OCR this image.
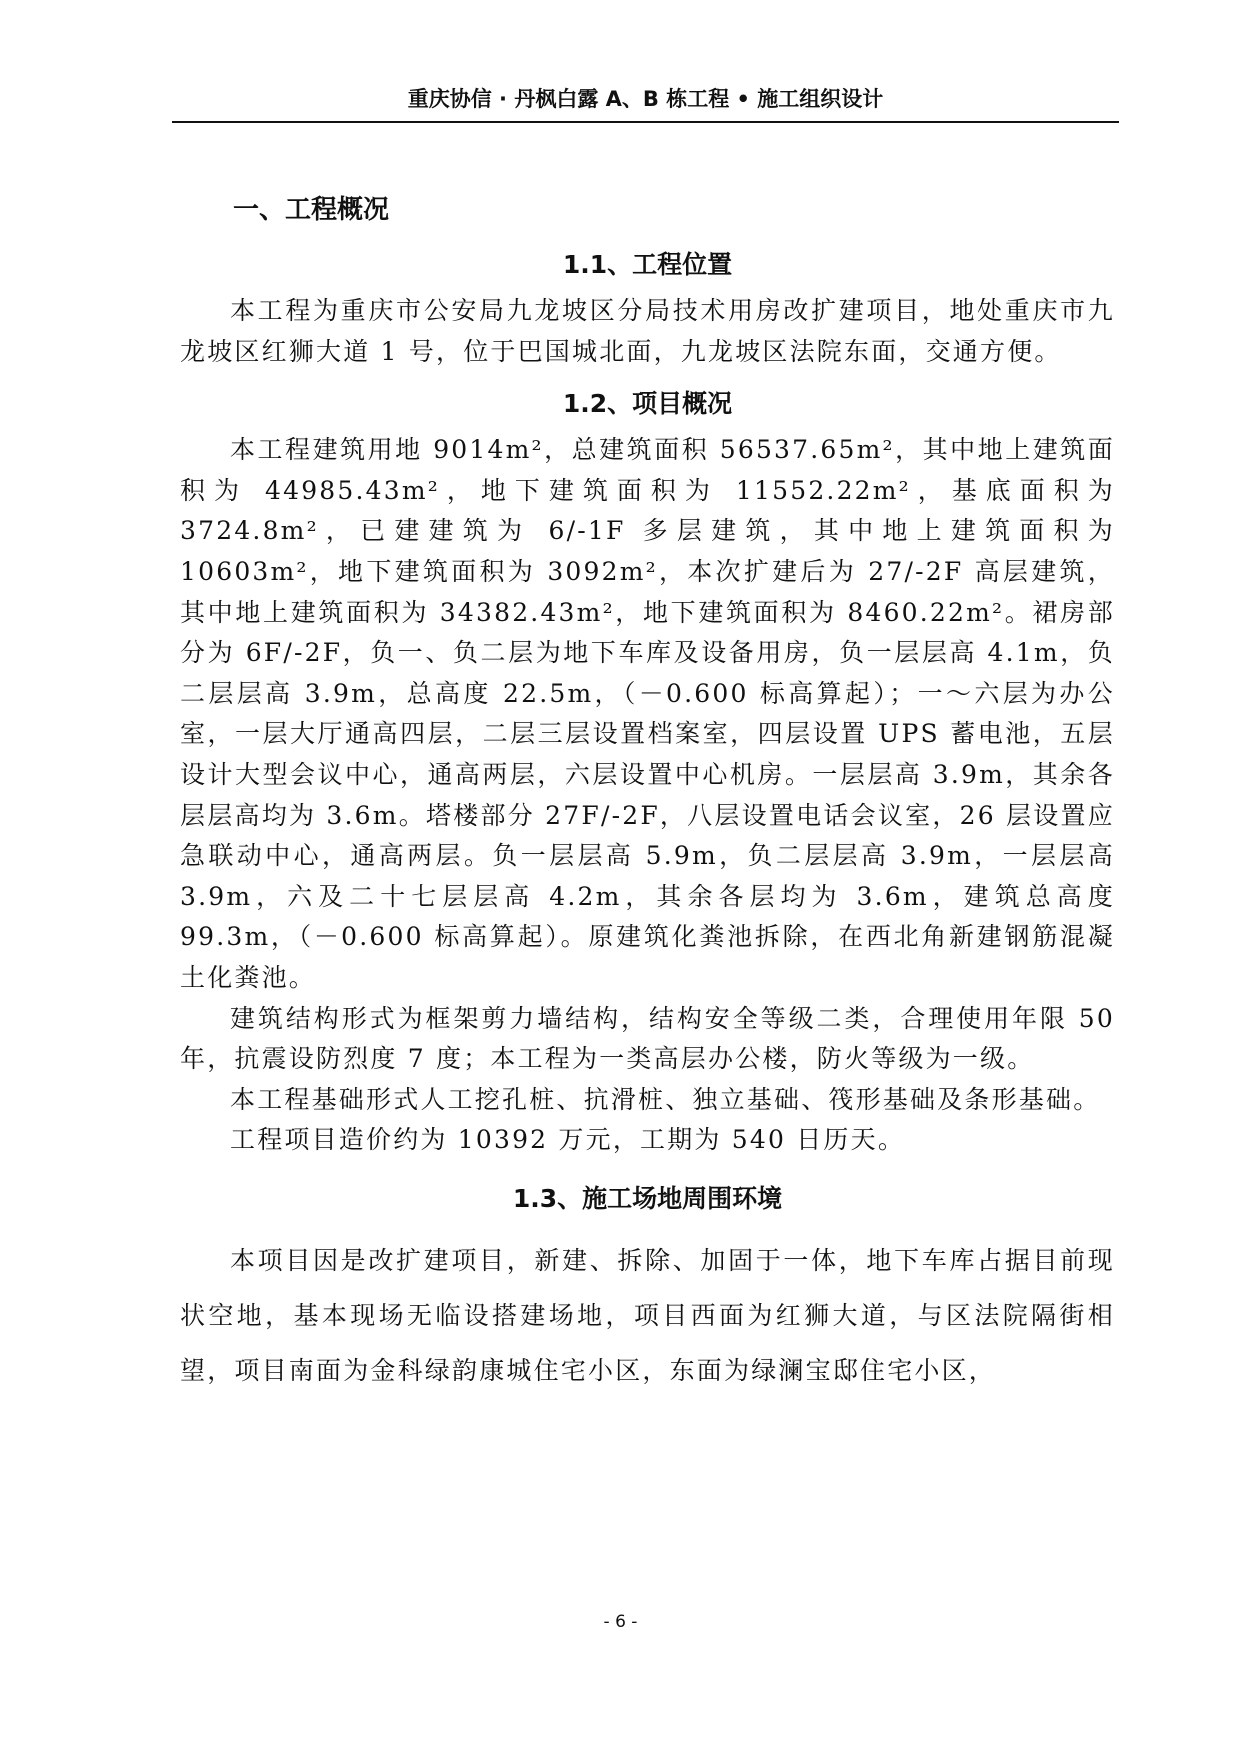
重庆协信 · 丹枫白露 A、B 栋工程 • 施工组织设计
一、工程概况
1.1、工程位置

本工程为重庆市公安局九龙坡区分局技术用房改扩建项目，地处重庆市九龙坡区红狮大道 1 号，位于巴国城北面，九龙坡区法院东面，交通方便。

1.2、项目概况

本工程建筑用地 9014m²，总建筑面积 56537.65m²，其中地上建筑面积为 44985.43m²，地下建筑面积为 11552.22m²，基底面积为 3724.8m²，已建建筑为 6/-1F 多层建筑，其中地上建筑面积为 10603m²，地下建筑面积为 3092m²，本次扩建后为 27/-2F 高层建筑，其中地上建筑面积为 34382.43m²，地下建筑面积为 8460.22m²。裙房部分为 6F/-2F，负一、负二层为地下车库及设备用房，负一层层高 4.1m，负二层层高 3.9m，总高度 22.5m，（－0.600 标高算起）；一～六层为办公室，一层大厅通高四层，二层三层设置档案室，四层设置 UPS 蓄电池，五层设计大型会议中心，通高两层，六层设置中心机房。一层层高 3.9m，其余各层层高均为 3.6m。塔楼部分 27F/-2F，八层设置电话会议室，26 层设置应急联动中心，通高两层。负一层层高 5.9m，负二层层高 3.9m，一层层高 3.9m，六及二十七层层高 4.2m，其余各层均为 3.6m，建筑总高度 99.3m，（－0.600 标高算起）。原建筑化粪池拆除，在西北角新建钢筋混凝土化粪池。

建筑结构形式为框架剪力墙结构，结构安全等级二类，合理使用年限 50 年，抗震设防烈度 7 度；本工程为一类高层办公楼，防火等级为一级。

本工程基础形式人工挖孔桩、抗滑桩、独立基础、筏形基础及条形基础。

工程项目造价约为 10392 万元，工期为 540 日历天。

1.3、施工场地周围环境

本项目因是改扩建项目，新建、拆除、加固于一体，地下车库占据目前现状空地，基本现场无临设搭建场地，项目西面为红狮大道，与区法院隔街相望，项目南面为金科绿韵康城住宅小区，东面为绿澜宝邸住宅小区，

- 6 -
